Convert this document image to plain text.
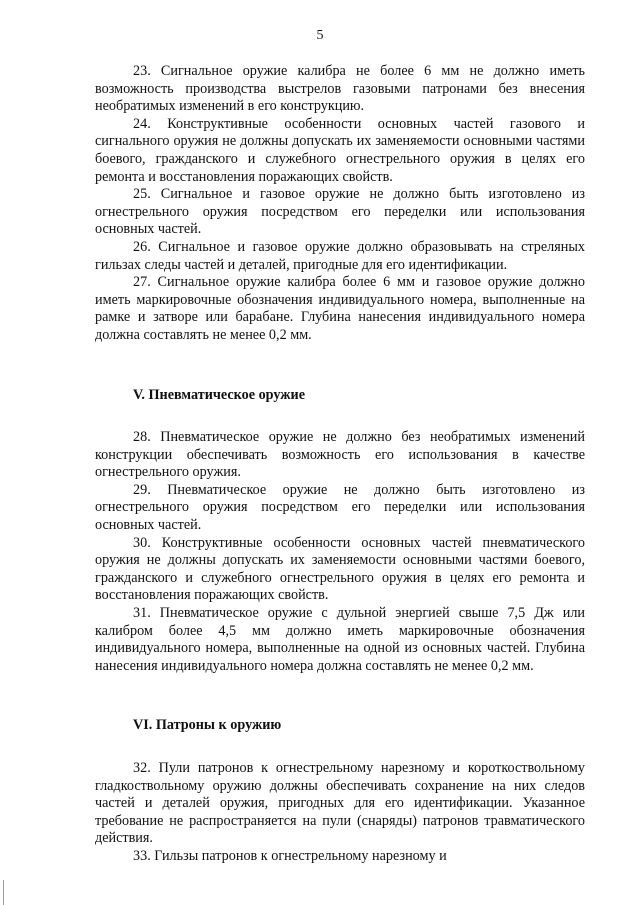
5

23. Сигнальное оружие калибра не более 6 мм не должно иметь возможность производства выстрелов газовыми патронами без внесения необратимых изменений в его конструкцию.

24. Конструктивные особенности основных частей газового и сигнального оружия не должны допускать их заменяемости основными частями боевого, гражданского и служебного огнестрельного оружия в целях его ремонта и восстановления поражающих свойств.

25. Сигнальное и газовое оружие не должно быть изготовлено из огнестрельного оружия посредством его переделки или использования основных частей.

26. Сигнальное и газовое оружие должно образовывать на стреляных гильзах следы частей и деталей, пригодные для его идентификации.

27. Сигнальное оружие калибра более 6 мм и газовое оружие должно иметь маркировочные обозначения индивидуального номера, выполненные на рамке и затворе или барабане. Глубина нанесения индивидуального номера должна составлять не менее 0,2 мм.

V. Пневматическое оружие

28. Пневматическое оружие не должно без необратимых изменений конструкции обеспечивать возможность его использования в качестве огнестрельного оружия.

29. Пневматическое оружие не должно быть изготовлено из огнестрельного оружия посредством его переделки или использования основных частей.

30. Конструктивные особенности основных частей пневматического оружия не должны допускать их заменяемости основными частями боевого, гражданского и служебного огнестрельного оружия в целях его ремонта и восстановления поражающих свойств.

31. Пневматическое оружие с дульной энергией свыше 7,5 Дж или калибром более 4,5 мм должно иметь маркировочные обозначения индивидуального номера, выполненные на одной из основных частей. Глубина нанесения индивидуального номера должна составлять не менее 0,2 мм.

VI. Патроны к оружию

32. Пули патронов к огнестрельному нарезному и короткоствольному гладкоствольному оружию должны обеспечивать сохранение на них следов частей и деталей оружия, пригодных для его идентификации. Указанное требование не распространяется на пули (снаряды) патронов травматического действия.

33. Гильзы патронов к огнестрельному нарезному и
